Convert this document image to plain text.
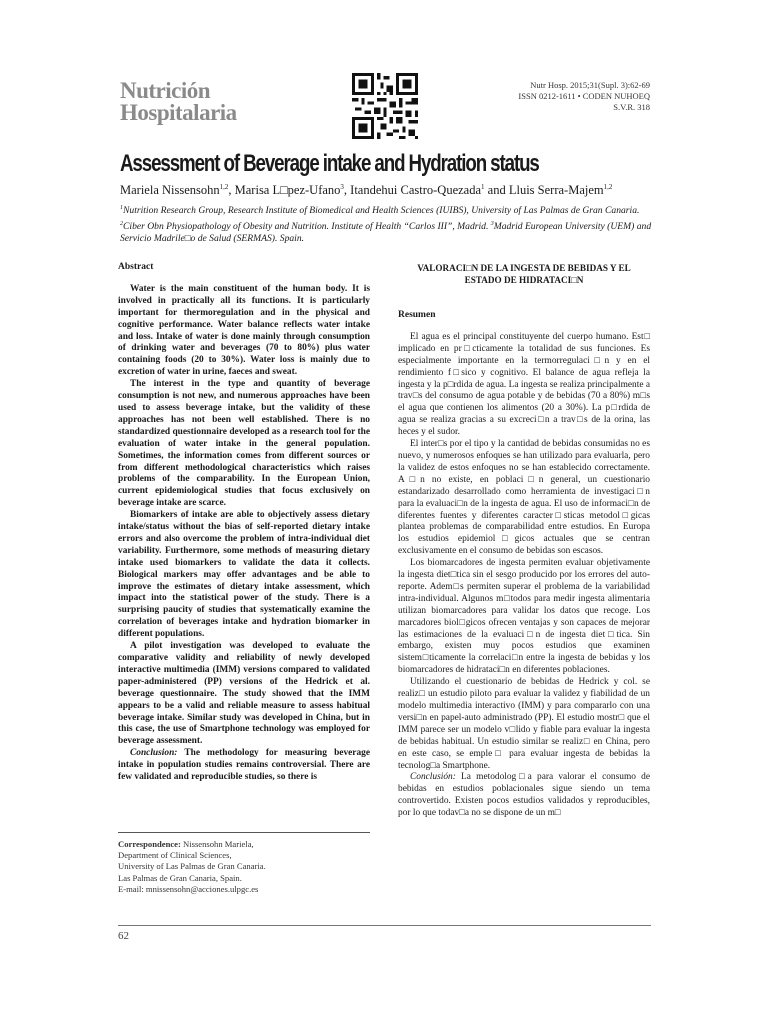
Nutrición
Hospitalaria
Nutr Hosp. 2015;31(Supl. 3):62-69
ISSN 0212-1611 • CODEN NUHOEQ
S.V.R. 318
Assessment of Beverage intake and Hydration status
Mariela Nissensohn$^{1,2}$, Marisa L□pez-Ufano$^3$, Itandehui Castro-Quezada$^1$ and Lluis Serra-Majem$^{1,2}$
$^1$Nutrition Research Group, Research Institute of Biomedical and Health Sciences (IUIBS), University of Las Palmas de Gran Canaria. $^2$Ciber Obn Physiopathology of Obesity and Nutrition. Institute of Health “Carlos III”, Madrid. $^3$Madrid European University (UEM) and Servicio Madrile□o de Salud (SERMAS). Spain.
Abstract

Water is the main constituent of the human body. It is involved in practically all its functions. It is particularly important for thermoregulation and in the physical and cognitive performance. Water balance reflects water intake and loss. Intake of water is done mainly through consumption of drinking water and beverages (70 to 80%) plus water containing foods (20 to 30%). Water loss is mainly due to excretion of water in urine, faeces and sweat.

The interest in the type and quantity of beverage consumption is not new, and numerous approaches have been used to assess beverage intake, but the validity of these approaches has not been well established. There is no standardized questionnaire developed as a research tool for the evaluation of water intake in the general population. Sometimes, the information comes from different sources or from different methodological characteristics which raises problems of the comparability. In the European Union, current epidemiological studies that focus exclusively on beverage intake are scarce.

Biomarkers of intake are able to objectively assess dietary intake/status without the bias of self-reported dietary intake errors and also overcome the problem of intra-individual diet variability. Furthermore, some methods of measuring dietary intake used biomarkers to validate the data it collects. Biological markers may offer advantages and be able to improve the estimates of dietary intake assessment, which impact into the statistical power of the study. There is a surprising paucity of studies that systematically examine the correlation of beverages intake and hydration biomarker in different populations.

A pilot investigation was developed to evaluate the comparative validity and reliability of newly developed interactive multimedia (IMM) versions compared to validated paper-administered (PP) versions of the Hedrick et al. beverage questionnaire. The study showed that the IMM appears to be a valid and reliable measure to assess habitual beverage intake. Similar study was developed in China, but in this case, the use of Smartphone technology was employed for beverage assessment.

Conclusion: The methodology for measuring beverage intake in population studies remains controversial. There are few validated and reproducible studies, so there is

VALORACI□N DE LA INGESTA DE BEBIDAS Y EL ESTADO DE HIDRATACI□N
Resumen

El agua es el principal constituyente del cuerpo humano. Est□ implicado en pr□cticamente la totalidad de sus funciones. Es especialmente importante en la termorregulaci□n y en el rendimiento f□sico y cognitivo. El balance de agua refleja la ingesta y la p□rdida de agua. La ingesta se realiza principalmente a trav□s del consumo de agua potable y de bebidas (70 a 80%) m□s el agua que contienen los alimentos (20 a 30%). La p□rdida de agua se realiza gracias a su excreci□n a trav□s de la orina, las heces y el sudor.

El inter□s por el tipo y la cantidad de bebidas consumidas no es nuevo, y numerosos enfoques se han utilizado para evaluarla, pero la validez de estos enfoques no se han establecido correctamente. A□n no existe, en poblaci□n general, un cuestionario estandarizado desarrollado como herramienta de investigaci□n para la evaluaci□n de la ingesta de agua. El uso de informaci□n de diferentes fuentes y diferentes caracter□sticas metodol□gicas plantea problemas de comparabilidad entre estudios. En Europa los estudios epidemiol□gicos actuales que se centran exclusivamente en el consumo de bebidas son escasos.

Los biomarcadores de ingesta permiten evaluar objetivamente la ingesta diet□tica sin el sesgo producido por los errores del auto-reporte. Adem□s permiten superar el problema de la variabilidad intra-individual. Algunos m□todos para medir ingesta alimentaria utilizan biomarcadores para validar los datos que recoge. Los marcadores biol□gicos ofrecen ventajas y son capaces de mejorar las estimaciones de la evaluaci□n de ingesta diet□tica. Sin embargo, existen muy pocos estudios que examinen sistem□ticamente la correlaci□n entre la ingesta de bebidas y los biomarcadores de hidrataci□n en diferentes poblaciones.

Utilizando el cuestionario de bebidas de Hedrick y col. se realiz□ un estudio piloto para evaluar la validez y fiabilidad de un modelo multimedia interactivo (IMM) y para compararlo con una versi□n en papel-auto administrado (PP). El estudio mostr□ que el IMM parece ser un modelo v□lido y fiable para evaluar la ingesta de bebidas habitual. Un estudio similar se realiz□ en China, pero en este caso, se emple□ para evaluar ingesta de bebidas la tecnolog□a Smartphone.

Conclusión: La metodolog□a para valorar el consumo de bebidas en estudios poblacionales sigue siendo un tema controvertido. Existen pocos estudios validados y reproducibles, por lo que todav□a no se dispone de un m□

Correspondence: Nissensohn Mariela,
Department of Clinical Sciences,
University of Las Palmas de Gran Canaria.
Las Palmas de Gran Canaria, Spain.
E-mail: mnissensohn@acciones.ulpgc.es
62
